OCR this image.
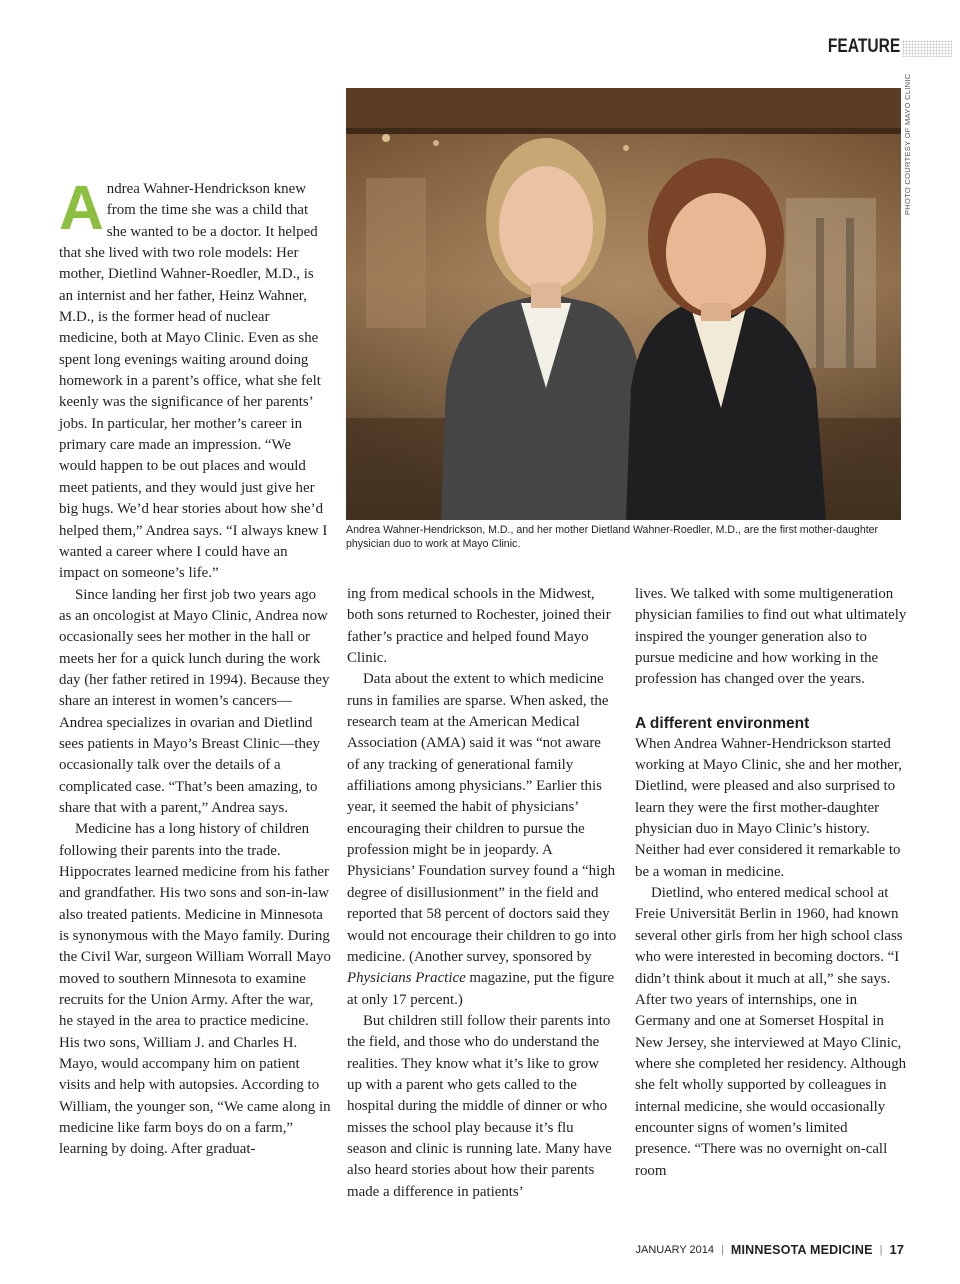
FEATURE
PHOTO COURTESY OF MAYO CLINIC
Andrea Wahner-Hendrickson, M.D., and her mother Dietland Wahner-Roedler, M.D., are the first mother-daughter physician duo to work at Mayo Clinic.

Andrea Wahner-Hendrickson knew from the time she was a child that she wanted to be a doctor. It helped that she lived with two role models: Her mother, Dietlind Wahner-Roedler, M.D., is an internist and her father, Heinz Wahner, M.D., is the former head of nuclear medicine, both at Mayo Clinic. Even as she spent long evenings waiting around doing homework in a parent’s office, what she felt keenly was the significance of her parents’ jobs. In particular, her mother’s career in primary care made an impression. “We would happen to be out places and would meet patients, and they would just give her big hugs. We’d hear stories about how she’d helped them,” Andrea says. “I always knew I wanted a career where I could have an impact on someone’s life.”

Since landing her first job two years ago as an oncologist at Mayo Clinic, Andrea now occasionally sees her mother in the hall or meets her for a quick lunch during the work day (her father retired in 1994). Because they share an interest in women’s cancers—Andrea specializes in ovarian and Dietlind sees patients in Mayo’s Breast Clinic—they occasionally talk over the details of a complicated case. “That’s been amazing, to share that with a parent,” Andrea says.

Medicine has a long history of children following their parents into the trade. Hippocrates learned medicine from his father and grandfather. His two sons and son-in-law also treated patients. Medicine in Minnesota is synonymous with the Mayo family. During the Civil War, surgeon William Worrall Mayo moved to southern Minnesota to examine recruits for the Union Army. After the war, he stayed in the area to practice medicine. His two sons, William J. and Charles H. Mayo, would accompany him on patient visits and help with autopsies. According to William, the younger son, “We came along in medicine like farm boys do on a farm,” learning by doing. After graduat-

ing from medical schools in the Midwest, both sons returned to Rochester, joined their father’s practice and helped found Mayo Clinic.

Data about the extent to which medicine runs in families are sparse. When asked, the research team at the American Medical Association (AMA) said it was “not aware of any tracking of generational family affiliations among physicians.” Earlier this year, it seemed the habit of physicians’ encouraging their children to pursue the profession might be in jeopardy. A Physicians’ Foundation survey found a “high degree of disillusionment” in the field and reported that 58 percent of doctors said they would not encourage their children to go into medicine. (Another survey, sponsored by Physicians Practice magazine, put the figure at only 17 percent.)

But children still follow their parents into the field, and those who do understand the realities. They know what it’s like to grow up with a parent who gets called to the hospital during the middle of dinner or who misses the school play because it’s flu season and clinic is running late. Many have also heard stories about how their parents made a difference in patients’

lives. We talked with some multigeneration physician families to find out what ultimately inspired the younger generation also to pursue medicine and how working in the profession has changed over the years.

A different environment

When Andrea Wahner-Hendrickson started working at Mayo Clinic, she and her mother, Dietlind, were pleased and also surprised to learn they were the first mother-daughter physician duo in Mayo Clinic’s history. Neither had ever considered it remarkable to be a woman in medicine.

Dietlind, who entered medical school at Freie Universität Berlin in 1960, had known several other girls from her high school class who were interested in becoming doctors. “I didn’t think about it much at all,” she says. After two years of internships, one in Germany and one at Somerset Hospital in New Jersey, she interviewed at Mayo Clinic, where she completed her residency. Although she felt wholly supported by colleagues in internal medicine, she would occasionally encounter signs of women’s limited presence. “There was no overnight on-call room

JANUARY 2014 | MINNESOTA MEDICINE | 17
